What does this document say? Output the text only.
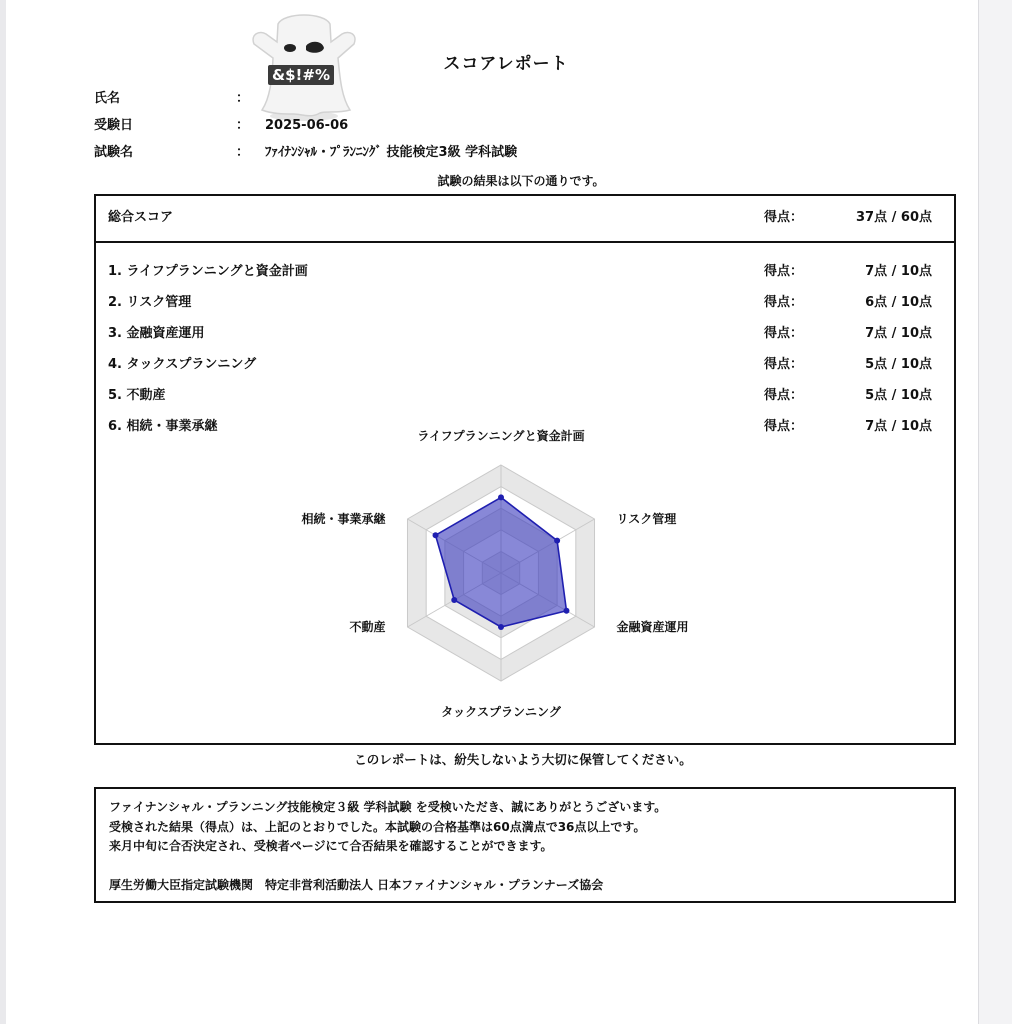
スコアレポート
&$!#%
氏名	：
受験日	： 2025-06-06
試験名	： ﾌｧｲﾅﾝｼｬﾙ・ﾌﾟﾗﾝﾆﾝｸﾞ 技能検定3級 学科試験
試験の結果は以下の通りです。
総合スコア	得点：	37点 / 60点
1. ライフプランニングと資金計画	得点：	7点 / 10点
2. リスク管理	得点：	6点 / 10点
3. 金融資産運用	得点：	7点 / 10点
4. タックスプランニング	得点：	5点 / 10点
5. 不動産	得点：	5点 / 10点
6. 相続・事業承継	得点：	7点 / 10点
ライフプランニングと資金計画
リスク管理
金融資産運用
タックスプランニング
不動産
相続・事業承継
このレポートは、紛失しないよう大切に保管してください。
ファイナンシャル・プランニング技能検定３級 学科試験 を受検いただき、誠にありがとうございます。
受検された結果（得点）は、上記のとおりでした。本試験の合格基準は60点満点で36点以上です。
来月中旬に合否決定され、受検者ページにて合否結果を確認することができます。
厚生労働大臣指定試験機関　特定非営利活動法人 日本ファイナンシャル・プランナーズ協会
